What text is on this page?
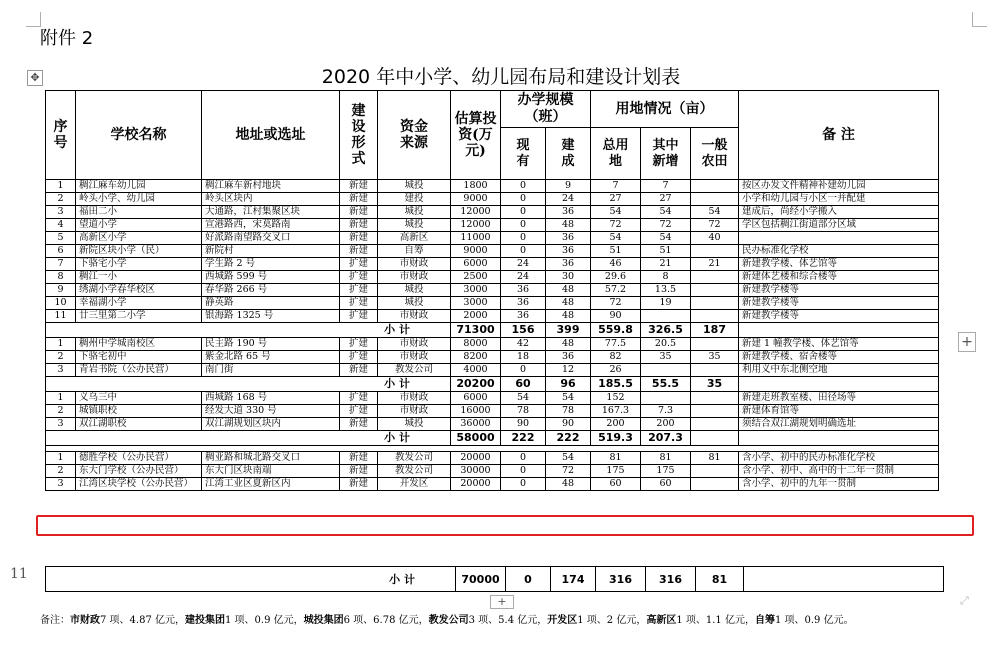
附件 2
✥	2020 年中小学、幼儿园布局和建设计划表
序号	学校名称	地址或选址	建设形式	资金来源	估算投资(万元)	办学规模（班）		用地情况（亩）			备 注
						现有	建成	总用地	其中新增	一般农田	
1	稠江麻车幼儿园	稠江麻车新村地块	新建	城投	1800	0	9	7	7		按区办发文件精神补建幼儿园
2	岭头小学、幼儿园	岭头区块内	新建	建投	9000	0	24	27	27		小学和幼儿园与小区一并配建
3	福田二小	大通路，江村集聚区块	新建	城投	12000	0	36	54	54	54	建成后，尚经小学搬入
4	望道小学	宣港路西，宋莫路南	新建	城投	12000	0	48	72	72	72	学区包括稠江街道部分区域
5	高新区小学	好派路南望路交叉口	新建	高新区	11000	0	36	54	54	40	
6	新院区块小学（民）	新院村	新建	自筹	9000	0	36	51	51		民办标准化学校
7	下骆宅小学	学生路 2 号	扩建	市财政	6000	24	36	46	21	21	新建教学楼、体艺馆等
8	稠江一小	西城路 599 号	扩建	市财政	2500	24	30	29.6	8		新建体艺楼和综合楼等
9	绣湖小学春华校区	春华路 266 号	扩建	城投	3000	36	48	57.2	13.5		新建教学楼等
10	幸福湖小学	静英路	扩建	城投	3000	36	48	72	19		新建教学楼等
11	廿三里第二小学	银海路 1325 号	扩建	市财政	2000	36	48	90			新建教学楼等
小 计					71300	156	399	559.8	326.5	187	
1	稠州中学城南校区	民主路 190 号	扩建	市财政	8000	42	48	77.5	20.5		新建 1 幢教学楼、体艺馆等
2	下骆宅初中	紫金北路 65 号	扩建	市财政	8200	18	36	82	35	35	新建教学楼、宿舍楼等
3	青岩书院（公办民营）	南门街	新建	教发公司	4000	0	12	26			利用义中东北侧空地
小 计					20200	60	96	185.5	55.5	35	
1	义乌三中	西城路 168 号	扩建	市财政	6000	54	54	152			新建走班教室楼、田径场等
2	城镇职校	经发大道 330 号	扩建	市财政	16000	78	78	167.3	7.3		新建体育馆等
3	双江湖职校	双江湖规划区块内	新建	城投	36000	90	90	200	200		须结合双江湖规划明确选址
小 计					58000	222	222	519.3	207.3		

1	德胜学校（公办民营）	稠亚路和城北路交叉口	新建	教发公司	20000	0	54	81	81	81	含小学、初中的民办标准化学校
2	东大门学校（公办民营）	东大门区块南端	新建	教发公司	30000	0	72	175	175		含小学、初中、高中的十二年一贯制
3	江湾区块学校（公办民营）	江湾工业区夏新区内	新建	开发区	20000	0	48	60	60		含小学、初中的九年一贯制
小 计	70000	0	174	316	316	81	
11
+
+	⤢
备注：市财政7 项、4.87 亿元，建投集团1 项、0.9 亿元，城投集团6 项、6.78 亿元，教发公司3 项、5.4 亿元，开发区1 项、2 亿元，高新区1 项、1.1 亿元，自筹1 项、0.9 亿元。
